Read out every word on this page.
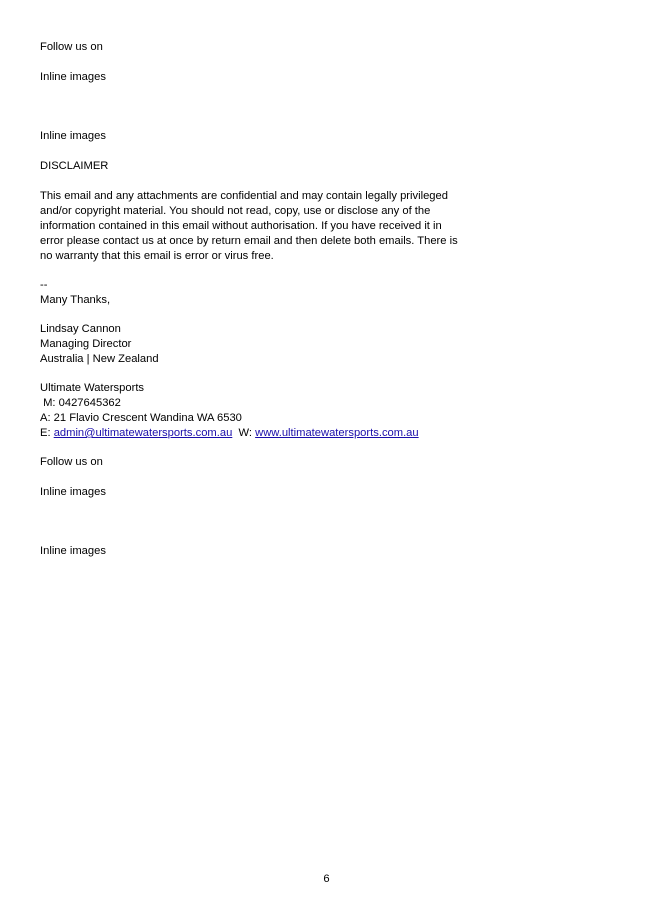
Follow us on
Inline images
Inline images
DISCLAIMER
This email and any attachments are confidential and may contain legally privileged
and/or copyright material. You should not read, copy, use or disclose any of the
information contained in this email without authorisation. If you have received it in
error please contact us at once by return email and then delete both emails. There is
no warranty that this email is error or virus free.
--
Many Thanks,
Lindsay Cannon
Managing Director
Australia | New Zealand
Ultimate Watersports
M: 0427645362
A: 21 Flavio Crescent Wandina WA 6530
E: admin@ultimatewatersports.com.au  W: www.ultimatewatersports.com.au
Follow us on
Inline images
Inline images
6
